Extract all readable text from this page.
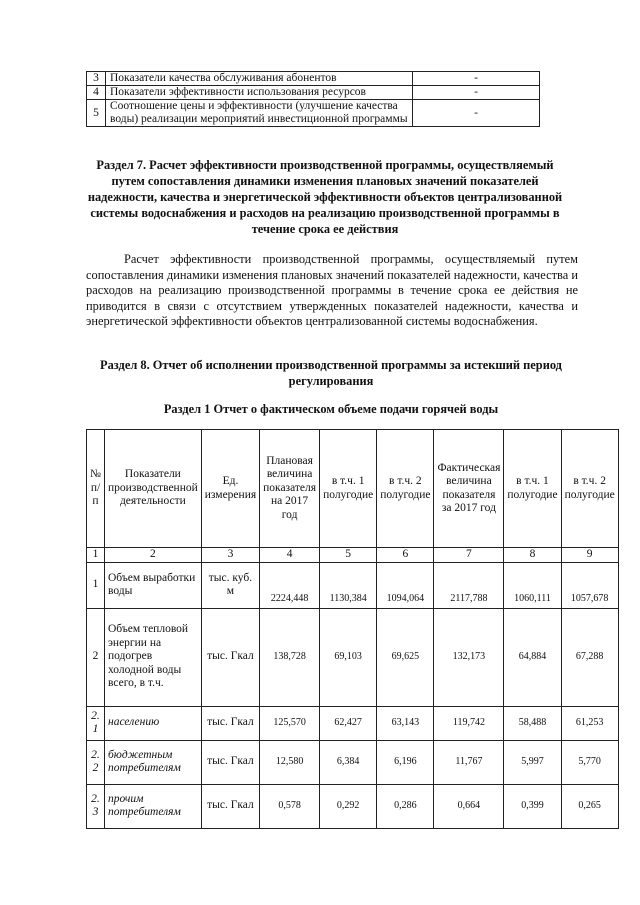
3	Показатели качества обслуживания абонентов	-
4	Показатели эффективности использования ресурсов	-
5	Соотношение цены и эффективности (улучшение качества воды) реализации мероприятий инвестиционной программы	-
Раздел 7. Расчет эффективности производственной программы, осуществляемый путем сопоставления динамики изменения плановых значений показателей надежности, качества и энергетической эффективности объектов централизованной системы водоснабжения и расходов на реализацию производственной программы в течение срока ее действия
Расчет эффективности производственной программы, осуществляемый путем сопоставления динамики изменения плановых значений показателей надежности, качества и расходов на реализацию производственной программы в течение срока ее действия не приводится в связи с отсутствием утвержденных показателей надежности, качества и энергетической эффективности объектов централизованной системы водоснабжения.
Раздел 8. Отчет об исполнении производственной программы за истекший период регулирования
Раздел 1 Отчет о фактическом объеме подачи горячей воды
№ п/п	Показатели производственной деятельности	Ед. измерения	Плановая величина показателя на 2017 год	в т.ч. 1 полугодие	в т.ч. 2 полугодие	Фактическая величина показателя за 2017 год	в т.ч. 1 полугодие	в т.ч. 2 полугодие
1	2	3	4	5	6	7	8	9
1	Объем выработки воды	тыс. куб. м	2224,448	1130,384	1094,064	2117,788	1060,111	1057,678
2	Объем тепловой энергии на подогрев холодной воды всего, в т.ч.	тыс. Гкал	138,728	69,103	69,625	132,173	64,884	67,288
2. 1	населению	тыс. Гкал	125,570	62,427	63,143	119,742	58,488	61,253
2. 2	бюджетным потребителям	тыс. Гкал	12,580	6,384	6,196	11,767	5,997	5,770
2. 3	прочим потребителям	тыс. Гкал	0,578	0,292	0,286	0,664	0,399	0,265
